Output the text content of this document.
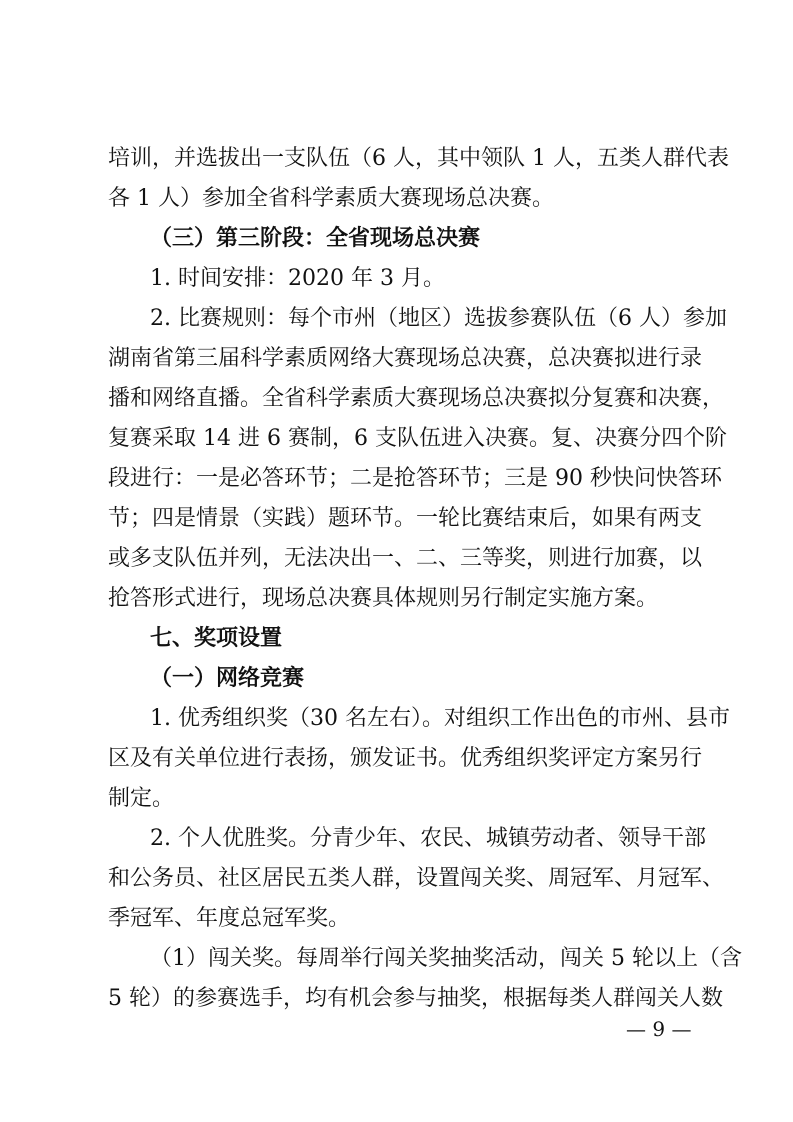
培训，并选拔出一支队伍（6 人，其中领队 1 人，五类人群代表
各 1 人）参加全省科学素质大赛现场总决赛。
（三）第三阶段：全省现场总决赛
1. 时间安排：2020 年 3 月。
2. 比赛规则：每个市州（地区）选拔参赛队伍（6 人）参加
湖南省第三届科学素质网络大赛现场总决赛，总决赛拟进行录
播和网络直播。全省科学素质大赛现场总决赛拟分复赛和决赛，
复赛采取 14 进 6 赛制，6 支队伍进入决赛。复、决赛分四个阶
段进行：一是必答环节；二是抢答环节；三是 90 秒快问快答环
节；四是情景（实践）题环节。一轮比赛结束后，如果有两支
或多支队伍并列，无法决出一、二、三等奖，则进行加赛，以
抢答形式进行，现场总决赛具体规则另行制定实施方案。
七、奖项设置
（一）网络竞赛
1. 优秀组织奖（30 名左右）。对组织工作出色的市州、县市
区及有关单位进行表扬，颁发证书。优秀组织奖评定方案另行
制定。
2. 个人优胜奖。分青少年、农民、城镇劳动者、领导干部
和公务员、社区居民五类人群，设置闯关奖、周冠军、月冠军、
季冠军、年度总冠军奖。
（1）闯关奖。每周举行闯关奖抽奖活动，闯关 5 轮以上（含
5 轮）的参赛选手，均有机会参与抽奖，根据每类人群闯关人数
— 9 —
